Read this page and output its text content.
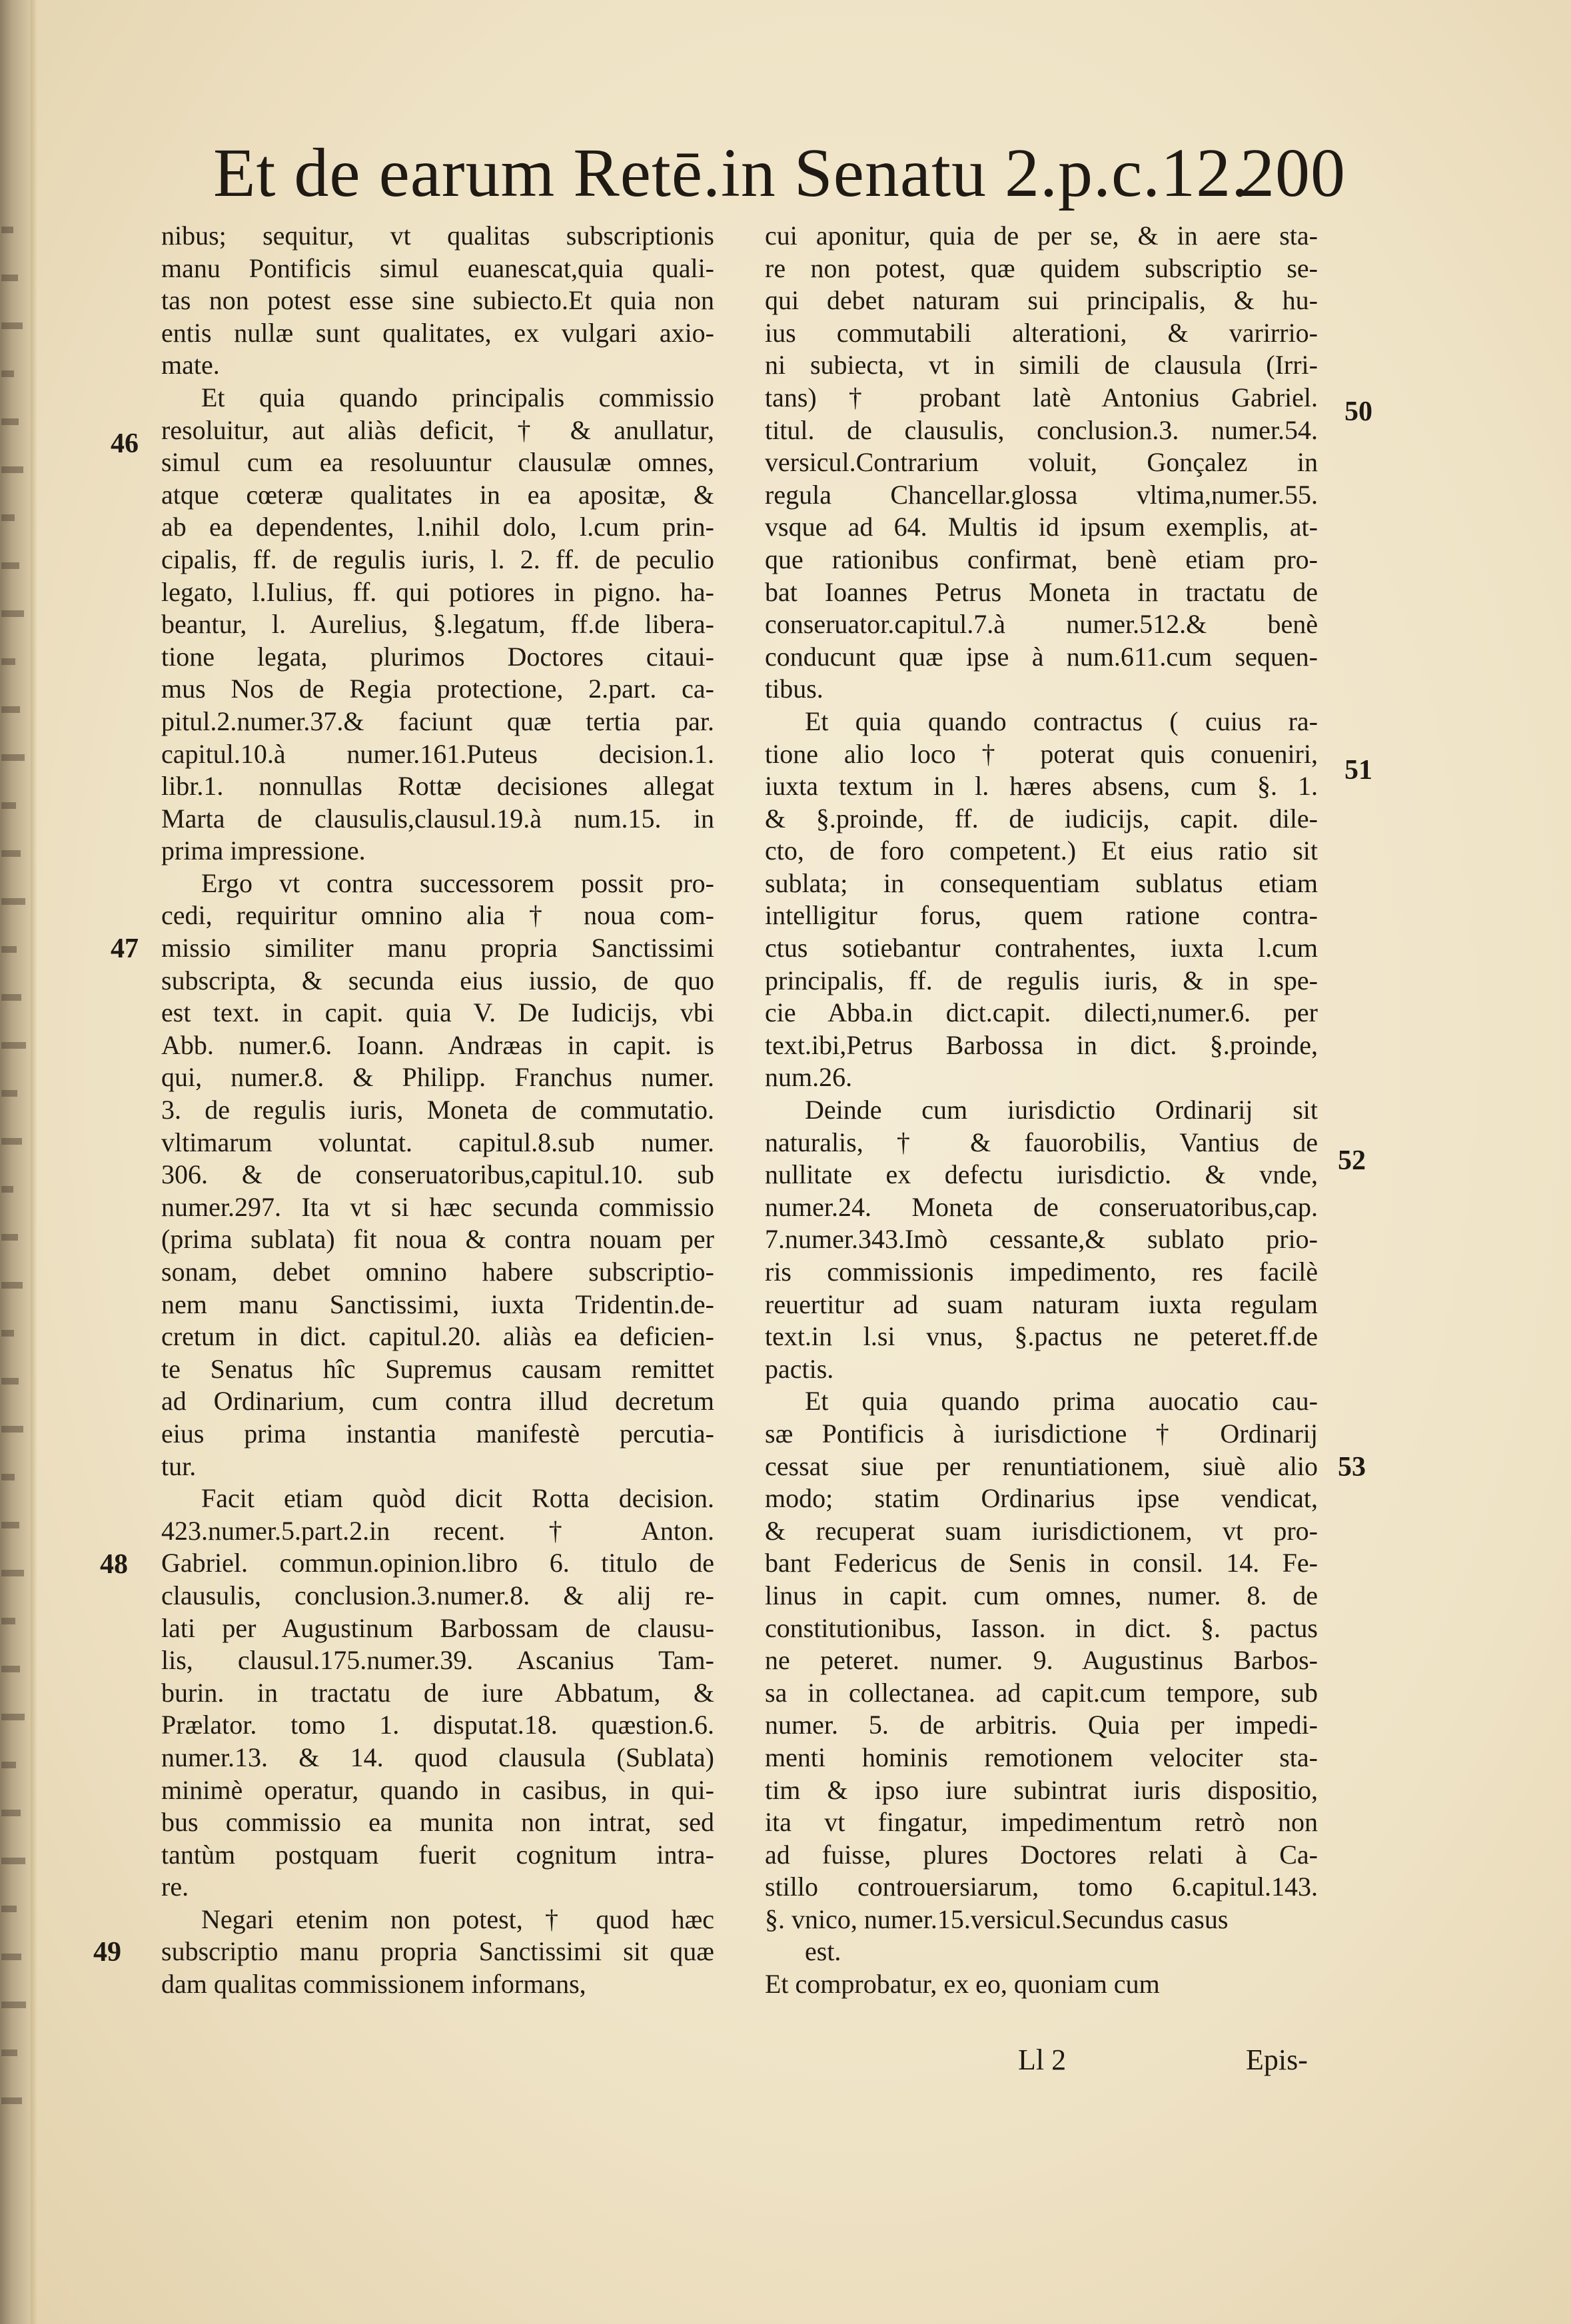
Et de earum Retē.in Senatu 2.p.c.12.
200
nibus; sequitur, vt qualitas subscriptionis
manu Pontificis simul euanescat,quia quali-
tas non potest esse sine subiecto.Et quia non
entis nullæ sunt qualitates, ex vulgari axio-
mate.
Et quia quando principalis commissio
resoluitur, aut aliàs deficit, † & anullatur,
simul cum ea resoluuntur clausulæ omnes,
atque cœteræ qualitates in ea apositæ, &
ab ea dependentes, l.nihil dolo, l.cum prin-
cipalis, ff. de regulis iuris, l. 2. ff. de peculio
legato, l.Iulius, ff. qui potiores in pigno. ha-
beantur, l. Aurelius, §.legatum, ff.de libera-
tione legata, plurimos Doctores citaui-
mus Nos de Regia protectione, 2.part. ca-
pitul.2.numer.37.& faciunt quæ tertia par.
capitul.10.à numer.161.Puteus decision.1.
libr.1. nonnullas Rottæ decisiones allegat
Marta de clausulis,clausul.19.à num.15. in
prima impressione.
Ergo vt contra successorem possit pro-
cedi, requiritur omnino alia † noua com-
missio similiter manu propria Sanctissimi
subscripta, & secunda eius iussio, de quo
est text. in capit. quia V. De Iudicijs, vbi
Abb. numer.6. Ioann. Andræas in capit. is
qui, numer.8. & Philipp. Franchus numer.
3. de regulis iuris, Moneta de commutatio.
vltimarum voluntat. capitul.8.sub numer.
306. & de conseruatoribus,capitul.10. sub
numer.297. Ita vt si hæc secunda commissio
(prima sublata) fit noua & contra nouam per
sonam, debet omnino habere subscriptio-
nem manu Sanctissimi, iuxta Tridentin.de-
cretum in dict. capitul.20. aliàs ea deficien-
te Senatus hîc Supremus causam remittet
ad Ordinarium, cum contra illud decretum
eius prima instantia manifestè percutia-
tur.
Facit etiam quòd dicit Rotta decision.
423.numer.5.part.2.in recent. † Anton.
Gabriel. commun.opinion.libro 6. titulo de
clausulis, conclusion.3.numer.8. & alij re-
lati per Augustinum Barbossam de clausu-
lis, clausul.175.numer.39. Ascanius Tam-
burin. in tractatu de iure Abbatum, &
Prælator. tomo 1. disputat.18. quæstion.6.
numer.13. & 14. quod clausula (Sublata)
minimè operatur, quando in casibus, in qui-
bus commissio ea munita non intrat, sed
tantùm postquam fuerit cognitum intra-
re.
Negari etenim non potest, † quod hæc
subscriptio manu propria Sanctissimi sit quæ
dam qualitas commissionem informans,
cui aponitur, quia de per se, & in aere sta-
re non potest, quæ quidem subscriptio se-
qui debet naturam sui principalis, & hu-
ius commutabili alterationi, & varirrio-
ni subiecta, vt in simili de clausula (Irri-
tans) † probant latè Antonius Gabriel.
titul. de clausulis, conclusion.3. numer.54.
versicul.Contrarium voluit, Gonçalez in
regula Chancellar.glossa vltima,numer.55.
vsque ad 64. Multis id ipsum exemplis, at-
que rationibus confirmat, benè etiam pro-
bat Ioannes Petrus Moneta in tractatu de
conseruator.capitul.7.à numer.512.& benè
conducunt quæ ipse à num.611.cum sequen-
tibus.
Et quia quando contractus ( cuius ra-
tione alio loco † poterat quis conueniri,
iuxta textum in l. hæres absens, cum §. 1.
& §.proinde, ff. de iudicijs, capit. dile-
cto, de foro competent.) Et eius ratio sit
sublata; in consequentiam sublatus etiam
intelligitur forus, quem ratione contra-
ctus sotiebantur contrahentes, iuxta l.cum
principalis, ff. de regulis iuris, & in spe-
cie Abba.in dict.capit. dilecti,numer.6. per
text.ibi,Petrus Barbossa in dict. §.proinde,
num.26.
Deinde cum iurisdictio Ordinarij sit
naturalis, † & fauorobilis, Vantius de
nullitate ex defectu iurisdictio. & vnde,
numer.24. Moneta de conseruatoribus,cap.
7.numer.343.Imò cessante,& sublato prio-
ris commissionis impedimento, res facilè
reuertitur ad suam naturam iuxta regulam
text.in l.si vnus, §.pactus ne peteret.ff.de
pactis.
Et quia quando prima auocatio cau-
sæ Pontificis à iurisdictione † Ordinarij
cessat siue per renuntiationem, siuè alio
modo; statim Ordinarius ipse vendicat,
& recuperat suam iurisdictionem, vt pro-
bant Federicus de Senis in consil. 14. Fe-
linus in capit. cum omnes, numer. 8. de
constitutionibus, Iasson. in dict. §. pactus
ne peteret. numer. 9. Augustinus Barbos-
sa in collectanea. ad capit.cum tempore, sub
numer. 5. de arbitris. Quia per impedi-
menti hominis remotionem velociter sta-
tim & ipso iure subintrat iuris dispositio,
ita vt fingatur, impedimentum retrò non
ad fuisse, plures Doctores relati à Ca-
stillo controuersiarum, tomo 6.capitul.143.
§. vnico, numer.15.versicul.Secundus casus
est.
Et comprobatur, ex eo, quoniam cum
46
47
48
49
50
51
52
53
Ll 2	Epis-
